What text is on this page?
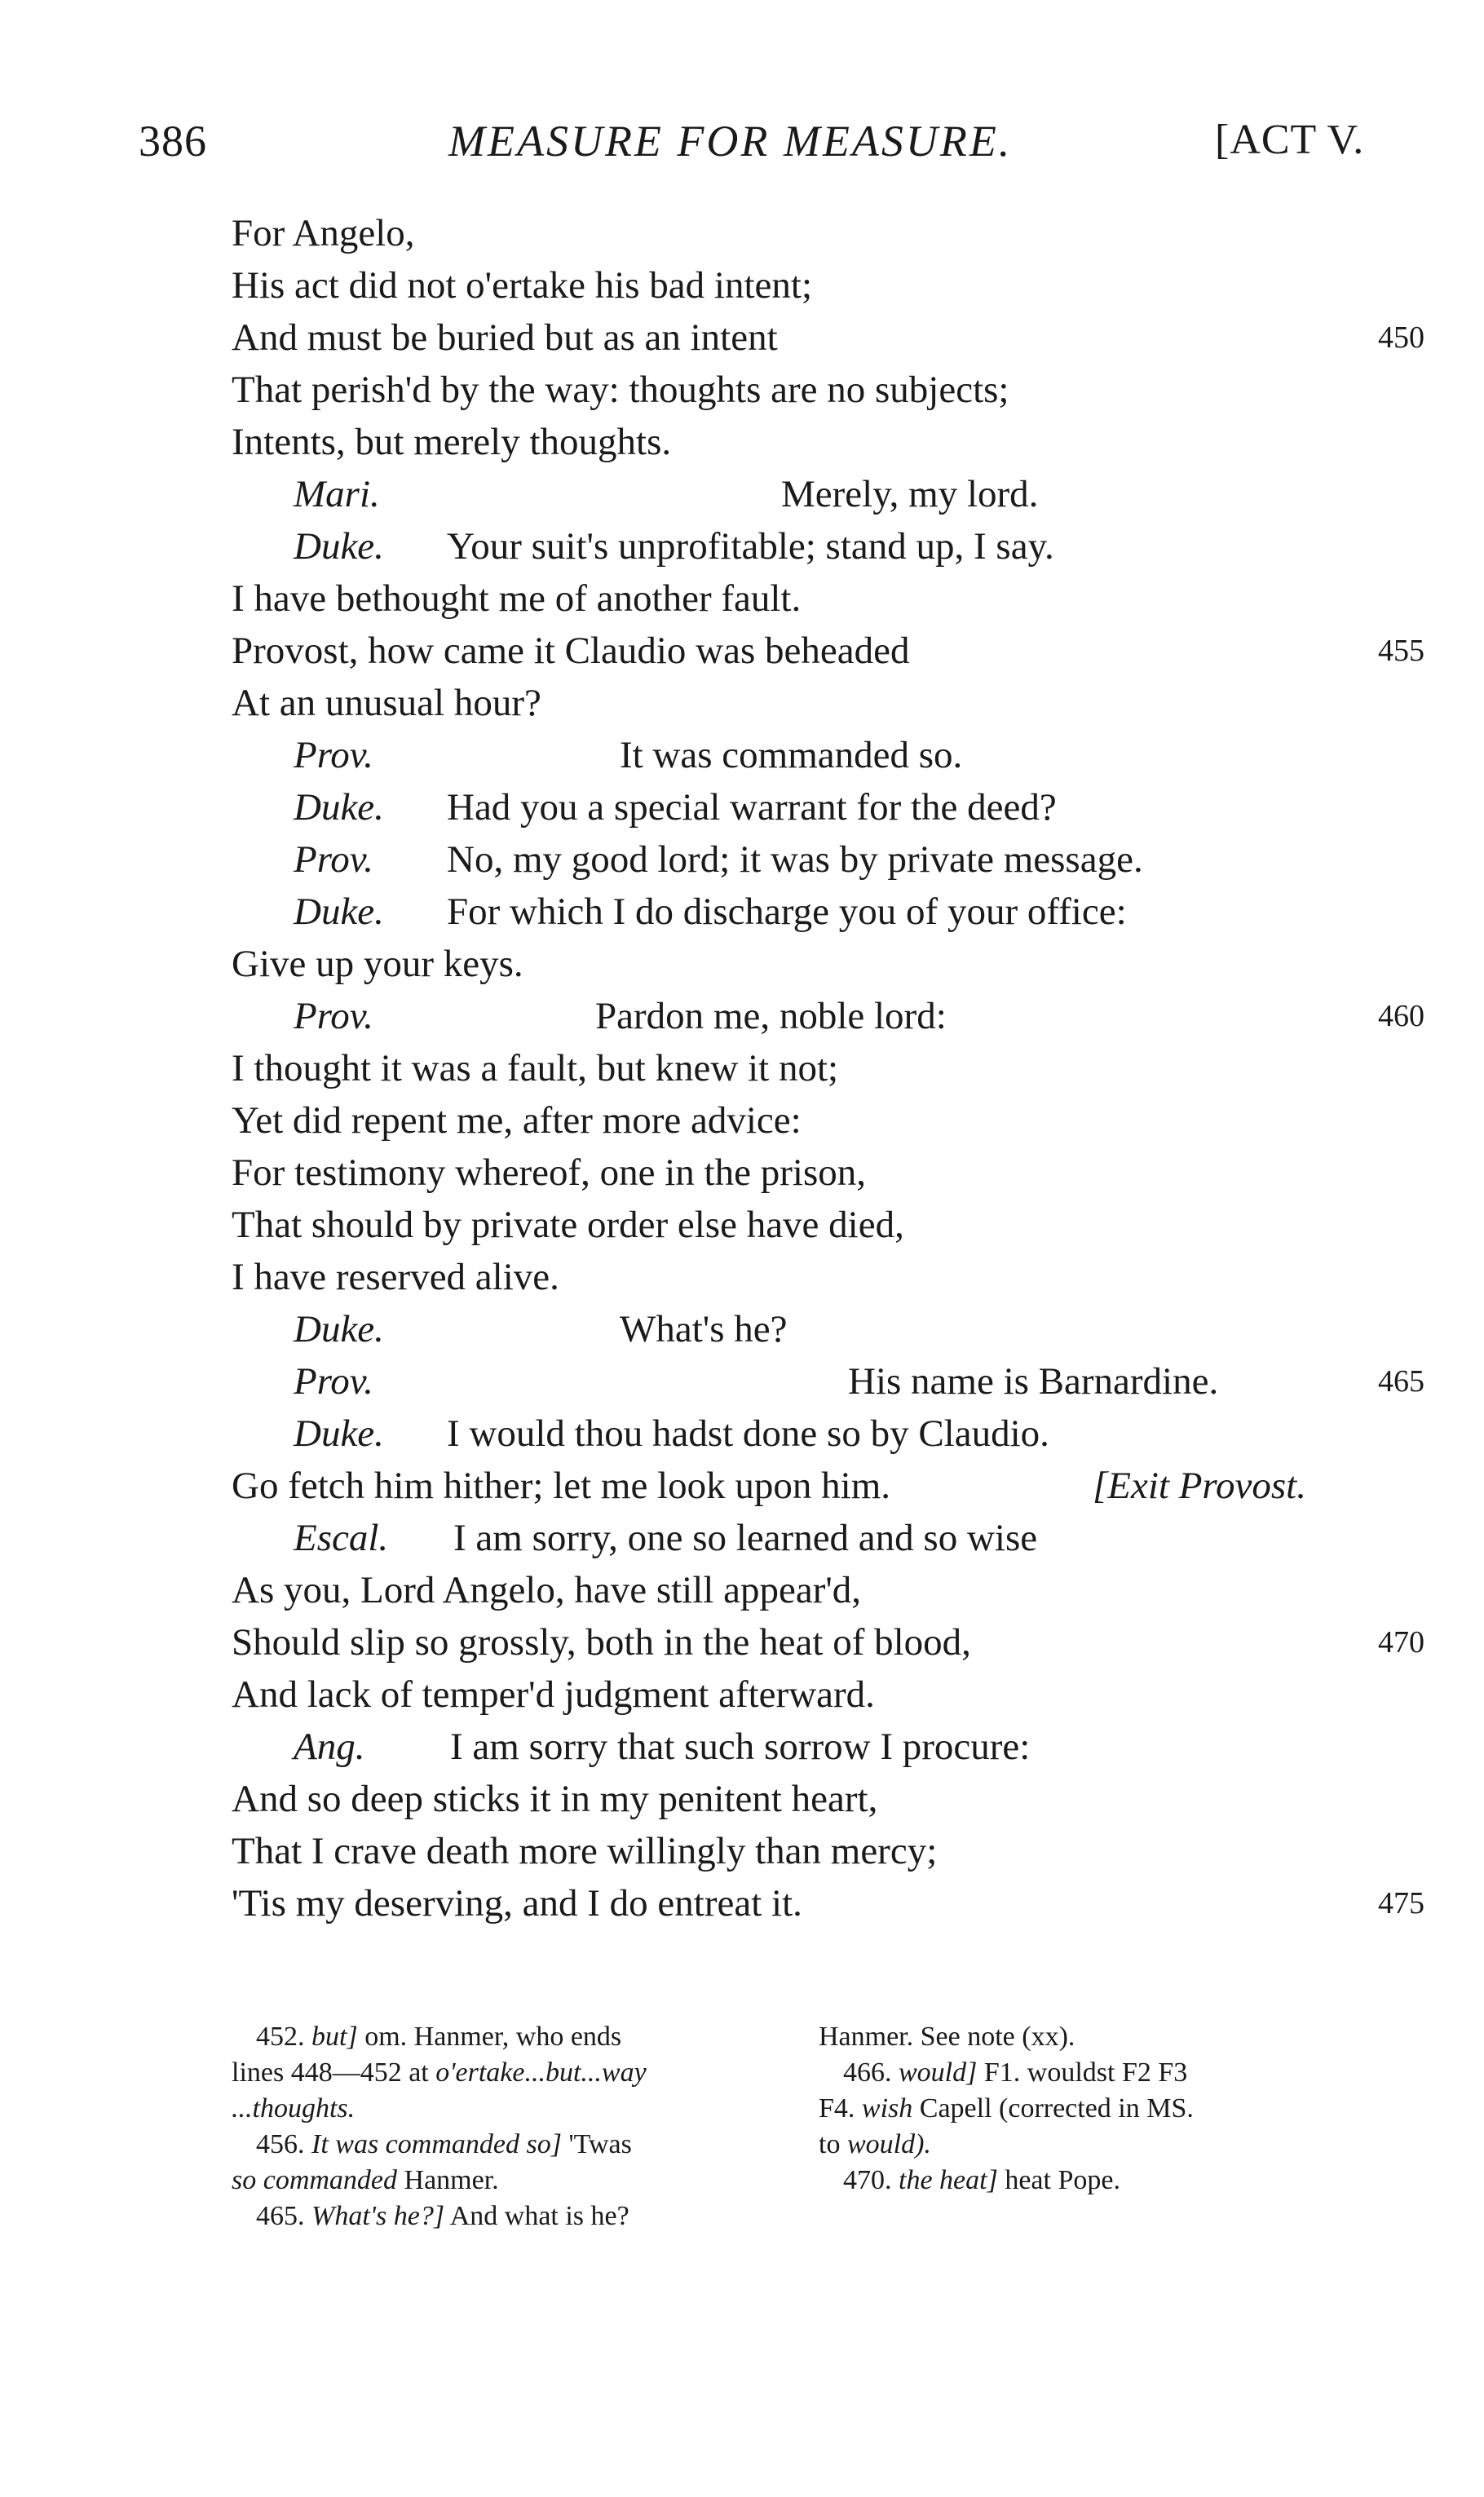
386	MEASURE FOR MEASURE.	[ACT V.
For Angelo,
His act did not o'ertake his bad intent;
And must be buried but as an intent	450
That perish'd by the way: thoughts are no subjects;
Intents, but merely thoughts.
Mari.	Merely, my lord.
Duke. Your suit's unprofitable; stand up, I say.
I have bethought me of another fault.
Provost, how came it Claudio was beheaded	455
At an unusual hour?
Prov.	It was commanded so.
Duke. Had you a special warrant for the deed?
Prov. No, my good lord; it was by private message.
Duke. For which I do discharge you of your office:
Give up your keys.
Prov.	Pardon me, noble lord:	460
I thought it was a fault, but knew it not;
Yet did repent me, after more advice:
For testimony whereof, one in the prison,
That should by private order else have died,
I have reserved alive.
Duke.	What's he?
Prov.	His name is Barnardine.	465
Duke. I would thou hadst done so by Claudio.
Go fetch him hither; let me look upon him.	[Exit Provost.
Escal. I am sorry, one so learned and so wise
As you, Lord Angelo, have still appear'd,
Should slip so grossly, both in the heat of blood,	470
And lack of temper'd judgment afterward.
Ang. I am sorry that such sorrow I procure:
And so deep sticks it in my penitent heart,
That I crave death more willingly than mercy;
'Tis my deserving, and I do entreat it.	475
452. but] om. Hanmer, who ends
lines 448—452 at o'ertake...but...way
...thoughts.
456. It was commanded so] 'Twas
so commanded Hanmer.
465. What's he?] And what is he?
Hanmer. See note (xx).
466. would] F1. wouldst F2 F3
F4. wish Capell (corrected in MS.
to would).
470. the heat] heat Pope.
